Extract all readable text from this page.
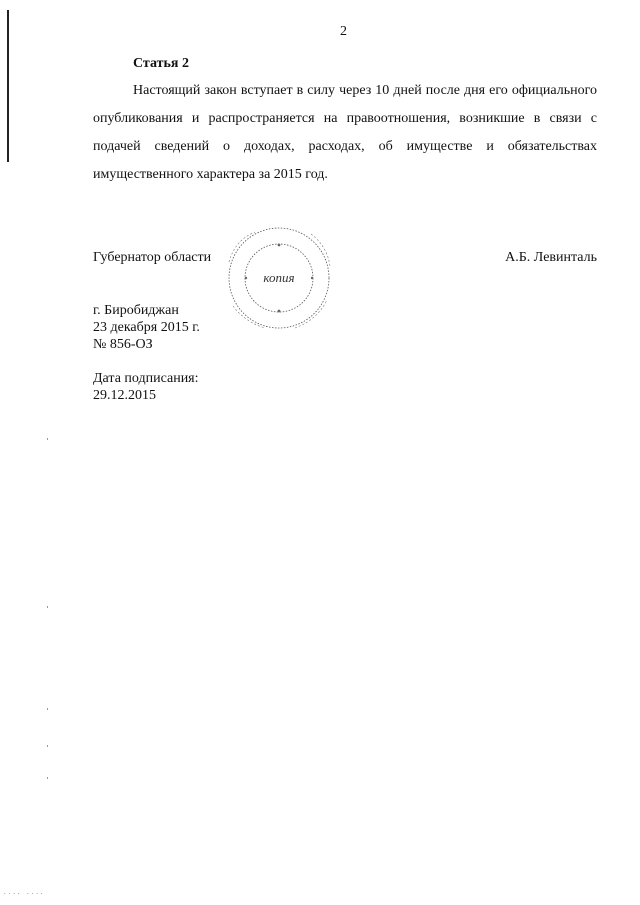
.... ....
2
Статья 2
Настоящий закон вступает в силу через 10 дней после дня его официального опубликования и распространяется на правоотношения, возникшие в связи с подачей сведений о доходах, расходах, об имуществе и обязательствах имущественного характера за 2015 год.
Губернатор области	А.Б. Левинталь
копия
г. Биробиджан
23 декабря 2015 г.
№ 856-ОЗ
Дата подписания:
29.12.2015
